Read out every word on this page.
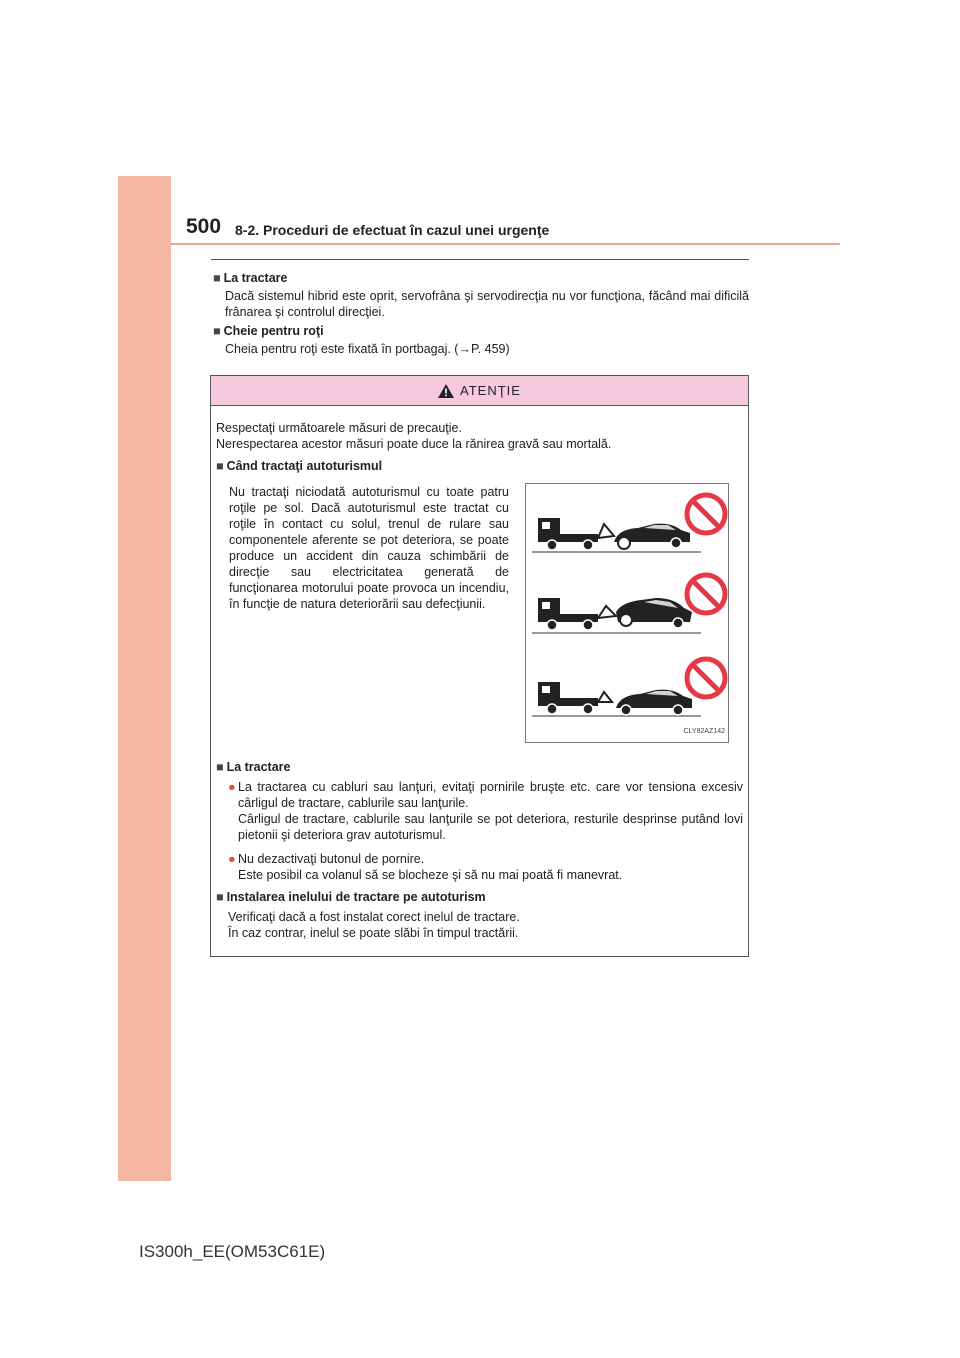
500 8-2. Proceduri de efectuat în cazul unei urgenţe

■ La tractare

Dacă sistemul hibrid este oprit, servofrâna şi servodirecţia nu vor funcţiona, făcând mai dificilă frânarea şi controlul direcţiei.

■ Cheie pentru roţi

Cheia pentru roţi este fixată în portbagaj. (→P. 459)

ATENŢIE
Respectaţi următoarele măsuri de precauţie.
Nerespectarea acestor măsuri poate duce la rănirea gravă sau mortală.

■ Când tractaţi autoturismul

Nu tractaţi niciodată autoturismul cu toate patru roţile pe sol. Dacă autoturismul este tractat cu roţile în contact cu solul, trenul de rulare sau componentele aferente se pot deteriora, se poate produce un accident din cauza schimbării de direcţie sau electricitatea generată de funcţionarea motorului poate provoca un incendiu, în funcţie de natura deteriorării sau defecţiunii.
CLY82AZ142

■ La tractare

● La tractarea cu cabluri sau lanţuri, evitaţi pornirile bruşte etc. care vor tensiona excesiv cârligul de tractare, cablurile sau lanţurile.
Cârligul de tractare, cablurile sau lanţurile se pot deteriora, resturile desprinse putând lovi pietonii şi deteriora grav autoturismul.
● Nu dezactivaţi butonul de pornire.
Este posibil ca volanul să se blocheze şi să nu mai poată fi manevrat.

■ Instalarea inelului de tractare pe autoturism

Verificaţi dacă a fost instalat corect inelul de tractare.
În caz contrar, inelul se poate slăbi în timpul tractării.
IS300h_EE(OM53C61E)
